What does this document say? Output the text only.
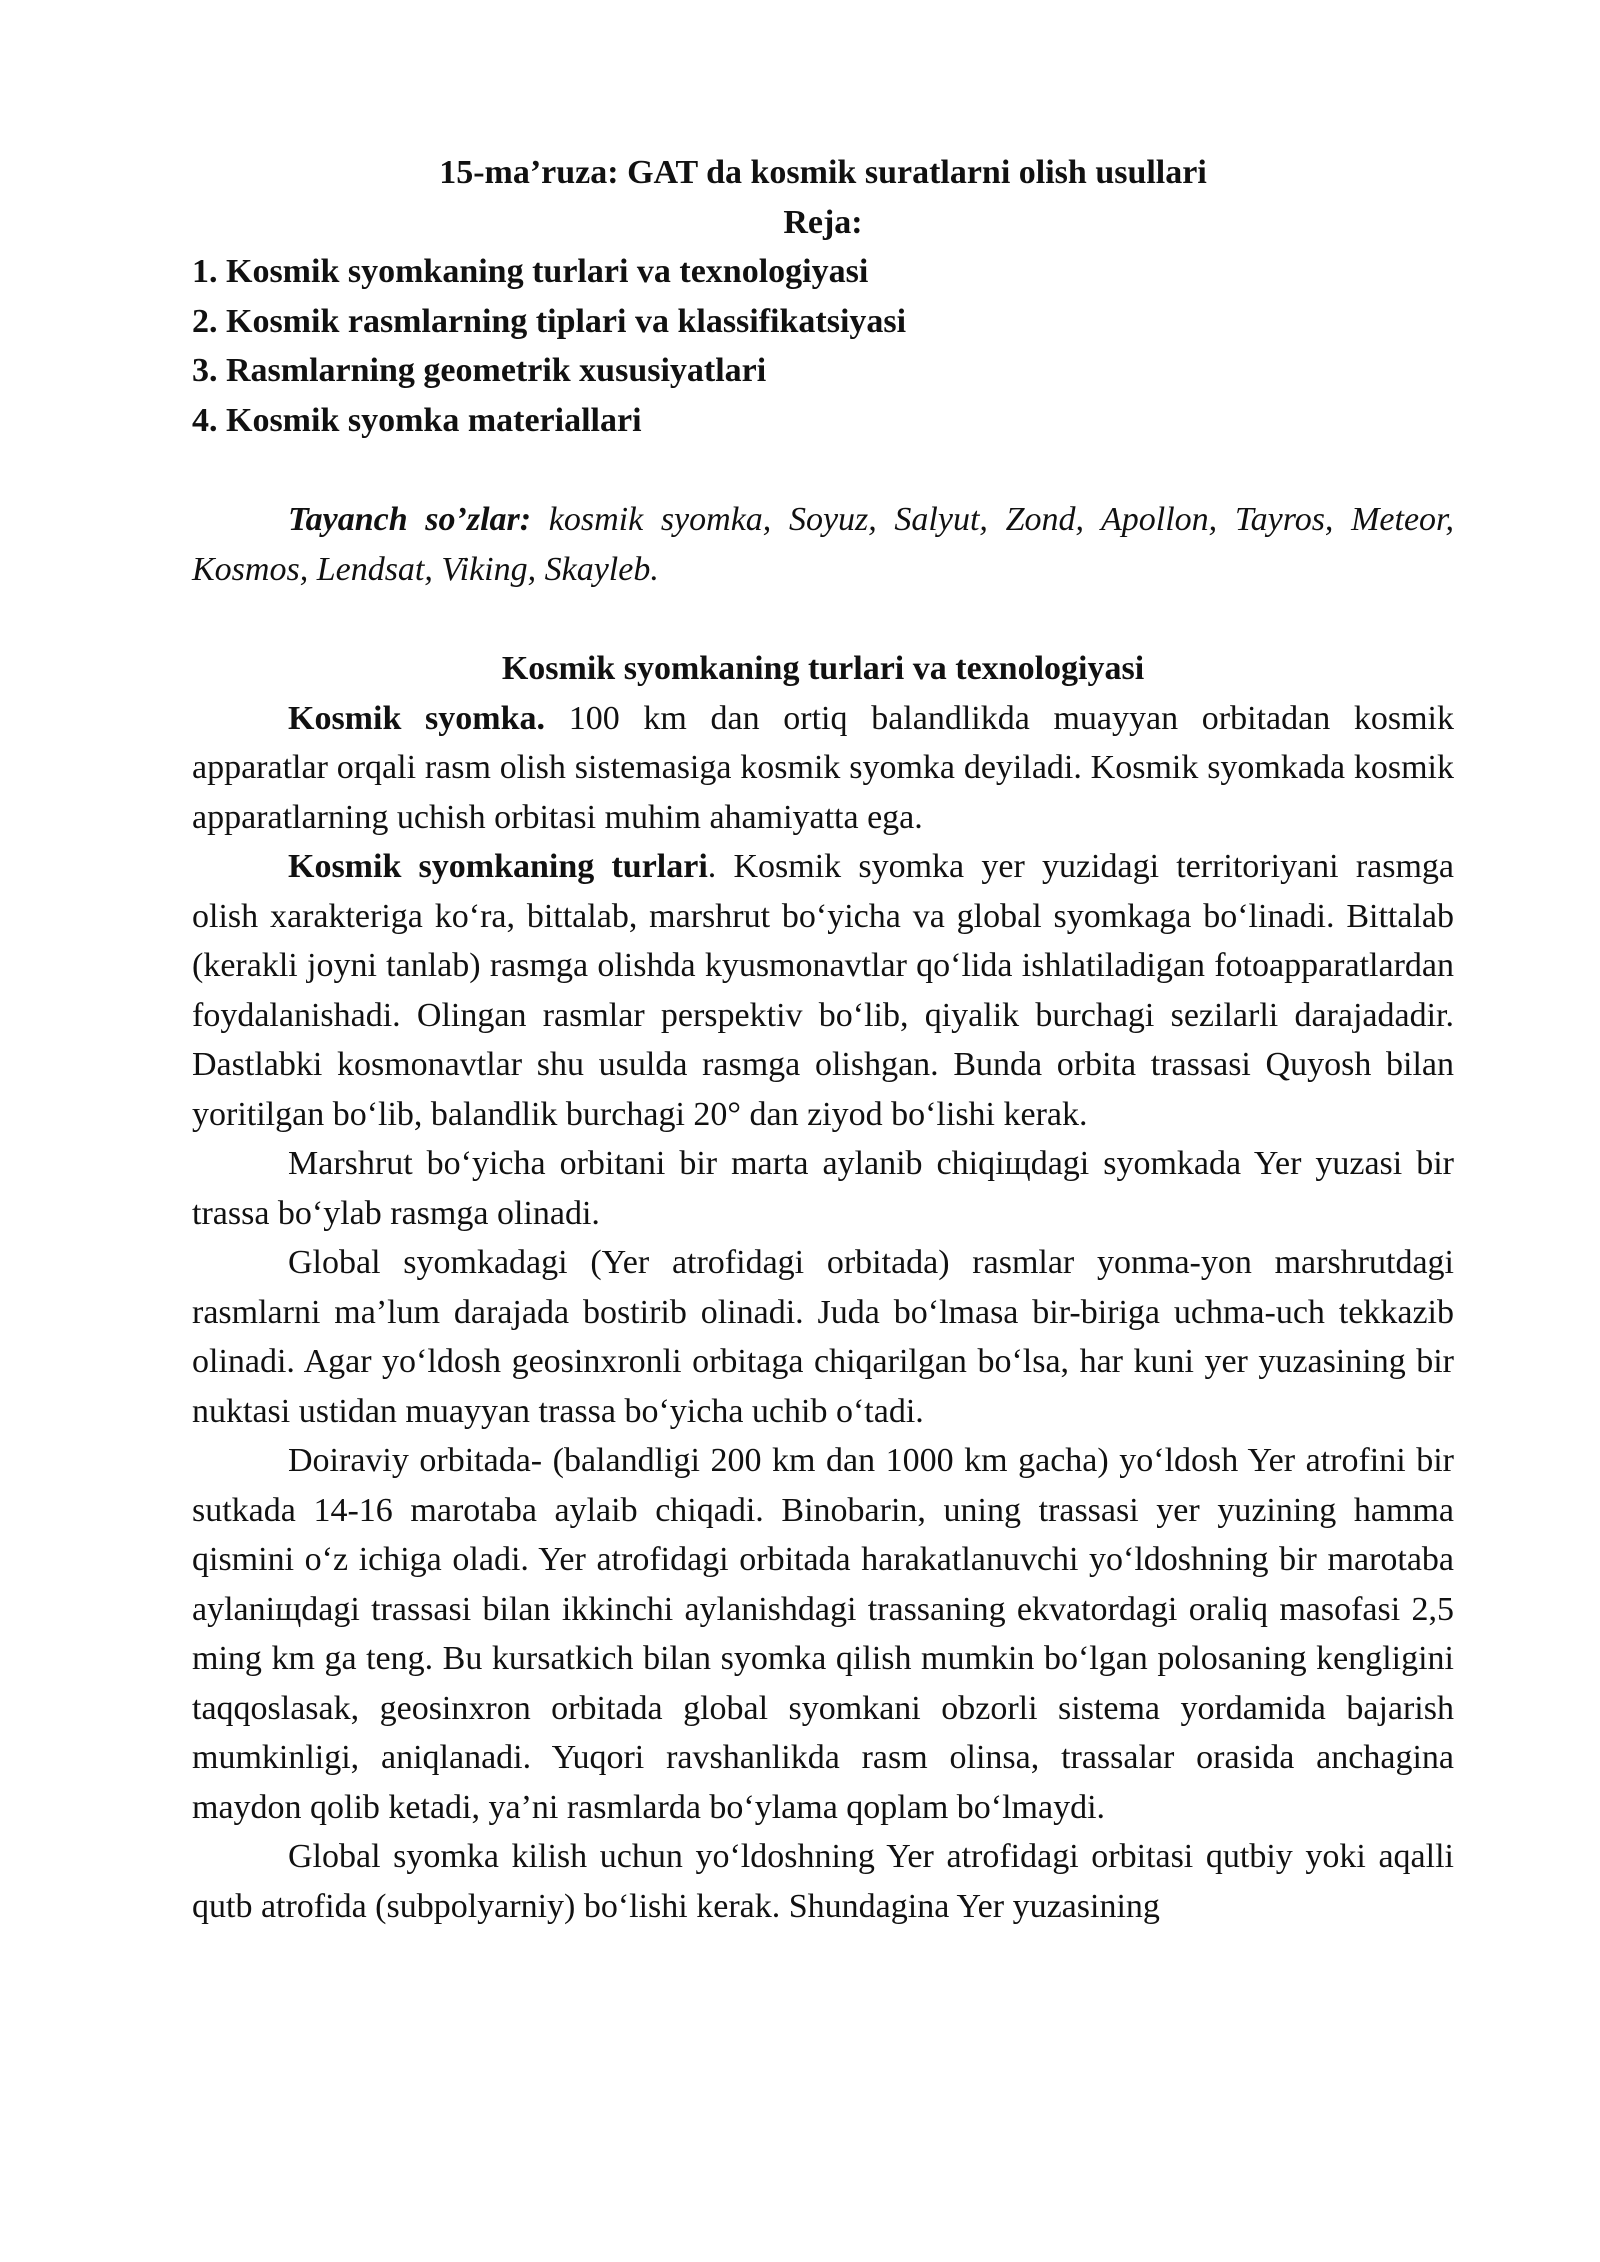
15-ma’ruza: GAT da kosmik suratlarni olish usullari
Reja:
1. Kosmik syomkaning turlari va texnologiyasi
2. Kosmik rasmlarning tiplari va klassifikatsiyasi
3. Rasmlarning geometrik xususiyatlari
4. Kosmik syomka materiallari

Tayanch so’zlar: kosmik syomka, Soyuz, Salyut, Zond, Apollon, Tayros, Meteor, Kosmos, Lendsat, Viking, Skayleb.

Kosmik syomkaning turlari va texnologiyasi

Kosmik syomka. 100 km dan ortiq balandlikda muayyan orbitadan kosmik apparatlar orqali rasm olish sistemasiga kosmik syomka deyiladi. Kosmik syomkada kosmik apparatlarning uchish orbitasi muhim ahamiyatta ega.

Kosmik syomkaning turlari. Kosmik syomka yer yuzidagi territoriyani rasmga olish xarakteriga ko‘ra, bittalab, marshrut bo‘yicha va global syomkaga bo‘linadi. Bittalab (kerakli joyni tanlab) rasmga olishda kyusmonavtlar qo‘lida ishlatiladigan fotoapparatlardan foydalanishadi. Olingan rasmlar perspektiv bo‘lib, qiyalik burchagi sezilarli darajadadir. Dastlabki kosmonavtlar shu usulda rasmga olishgan. Bunda orbita trassasi Quyosh bilan yoritilgan bo‘lib, balandlik burchagi 20° dan ziyod bo‘lishi kerak.

Marshrut bo‘yicha orbitani bir marta aylanib chiqiщdagi syomkada Yer yuzasi bir trassa bo‘ylab rasmga olinadi.

Global syomkadagi (Yer atrofidagi orbitada) rasmlar yonma-yon marshrutdagi rasmlarni ma’lum darajada bostirib olinadi. Juda bo‘lmasa bir-biriga uchma-uch tekkazib olinadi. Agar yo‘ldosh geosinxronli orbitaga chiqarilgan bo‘lsa, har kuni yer yuzasining bir nuktasi ustidan muayyan trassa bo‘yicha uchib o‘tadi.

Doiraviy orbitada- (balandligi 200 km dan 1000 km gacha) yo‘ldosh Yer atrofini bir sutkada 14-16 marotaba aylaib chiqadi. Binobarin, uning trassasi yer yuzining hamma qismini o‘z ichiga oladi. Yer atrofidagi orbitada harakatlanuvchi yo‘ldoshning bir marotaba aylaniщdagi trassasi bilan ikkinchi aylanishdagi trassaning ekvatordagi oraliq masofasi 2,5 ming km ga teng. Bu kursatkich bilan syomka qilish mumkin bo‘lgan polosaning kengligini taqqoslasak, geosinxron orbitada global syomkani obzorli sistema yordamida bajarish mumkinligi, aniqlanadi. Yuqori ravshanlikda rasm olinsa, trassalar orasida anchagina maydon qolib ketadi, ya’ni rasmlarda bo‘ylama qoplam bo‘lmaydi.

Global syomka kilish uchun yo‘ldoshning Yer atrofidagi orbitasi qutbiy yoki aqalli qutb atrofida (subpolyarniy) bo‘lishi kerak. Shundagina Yer yuzasining
